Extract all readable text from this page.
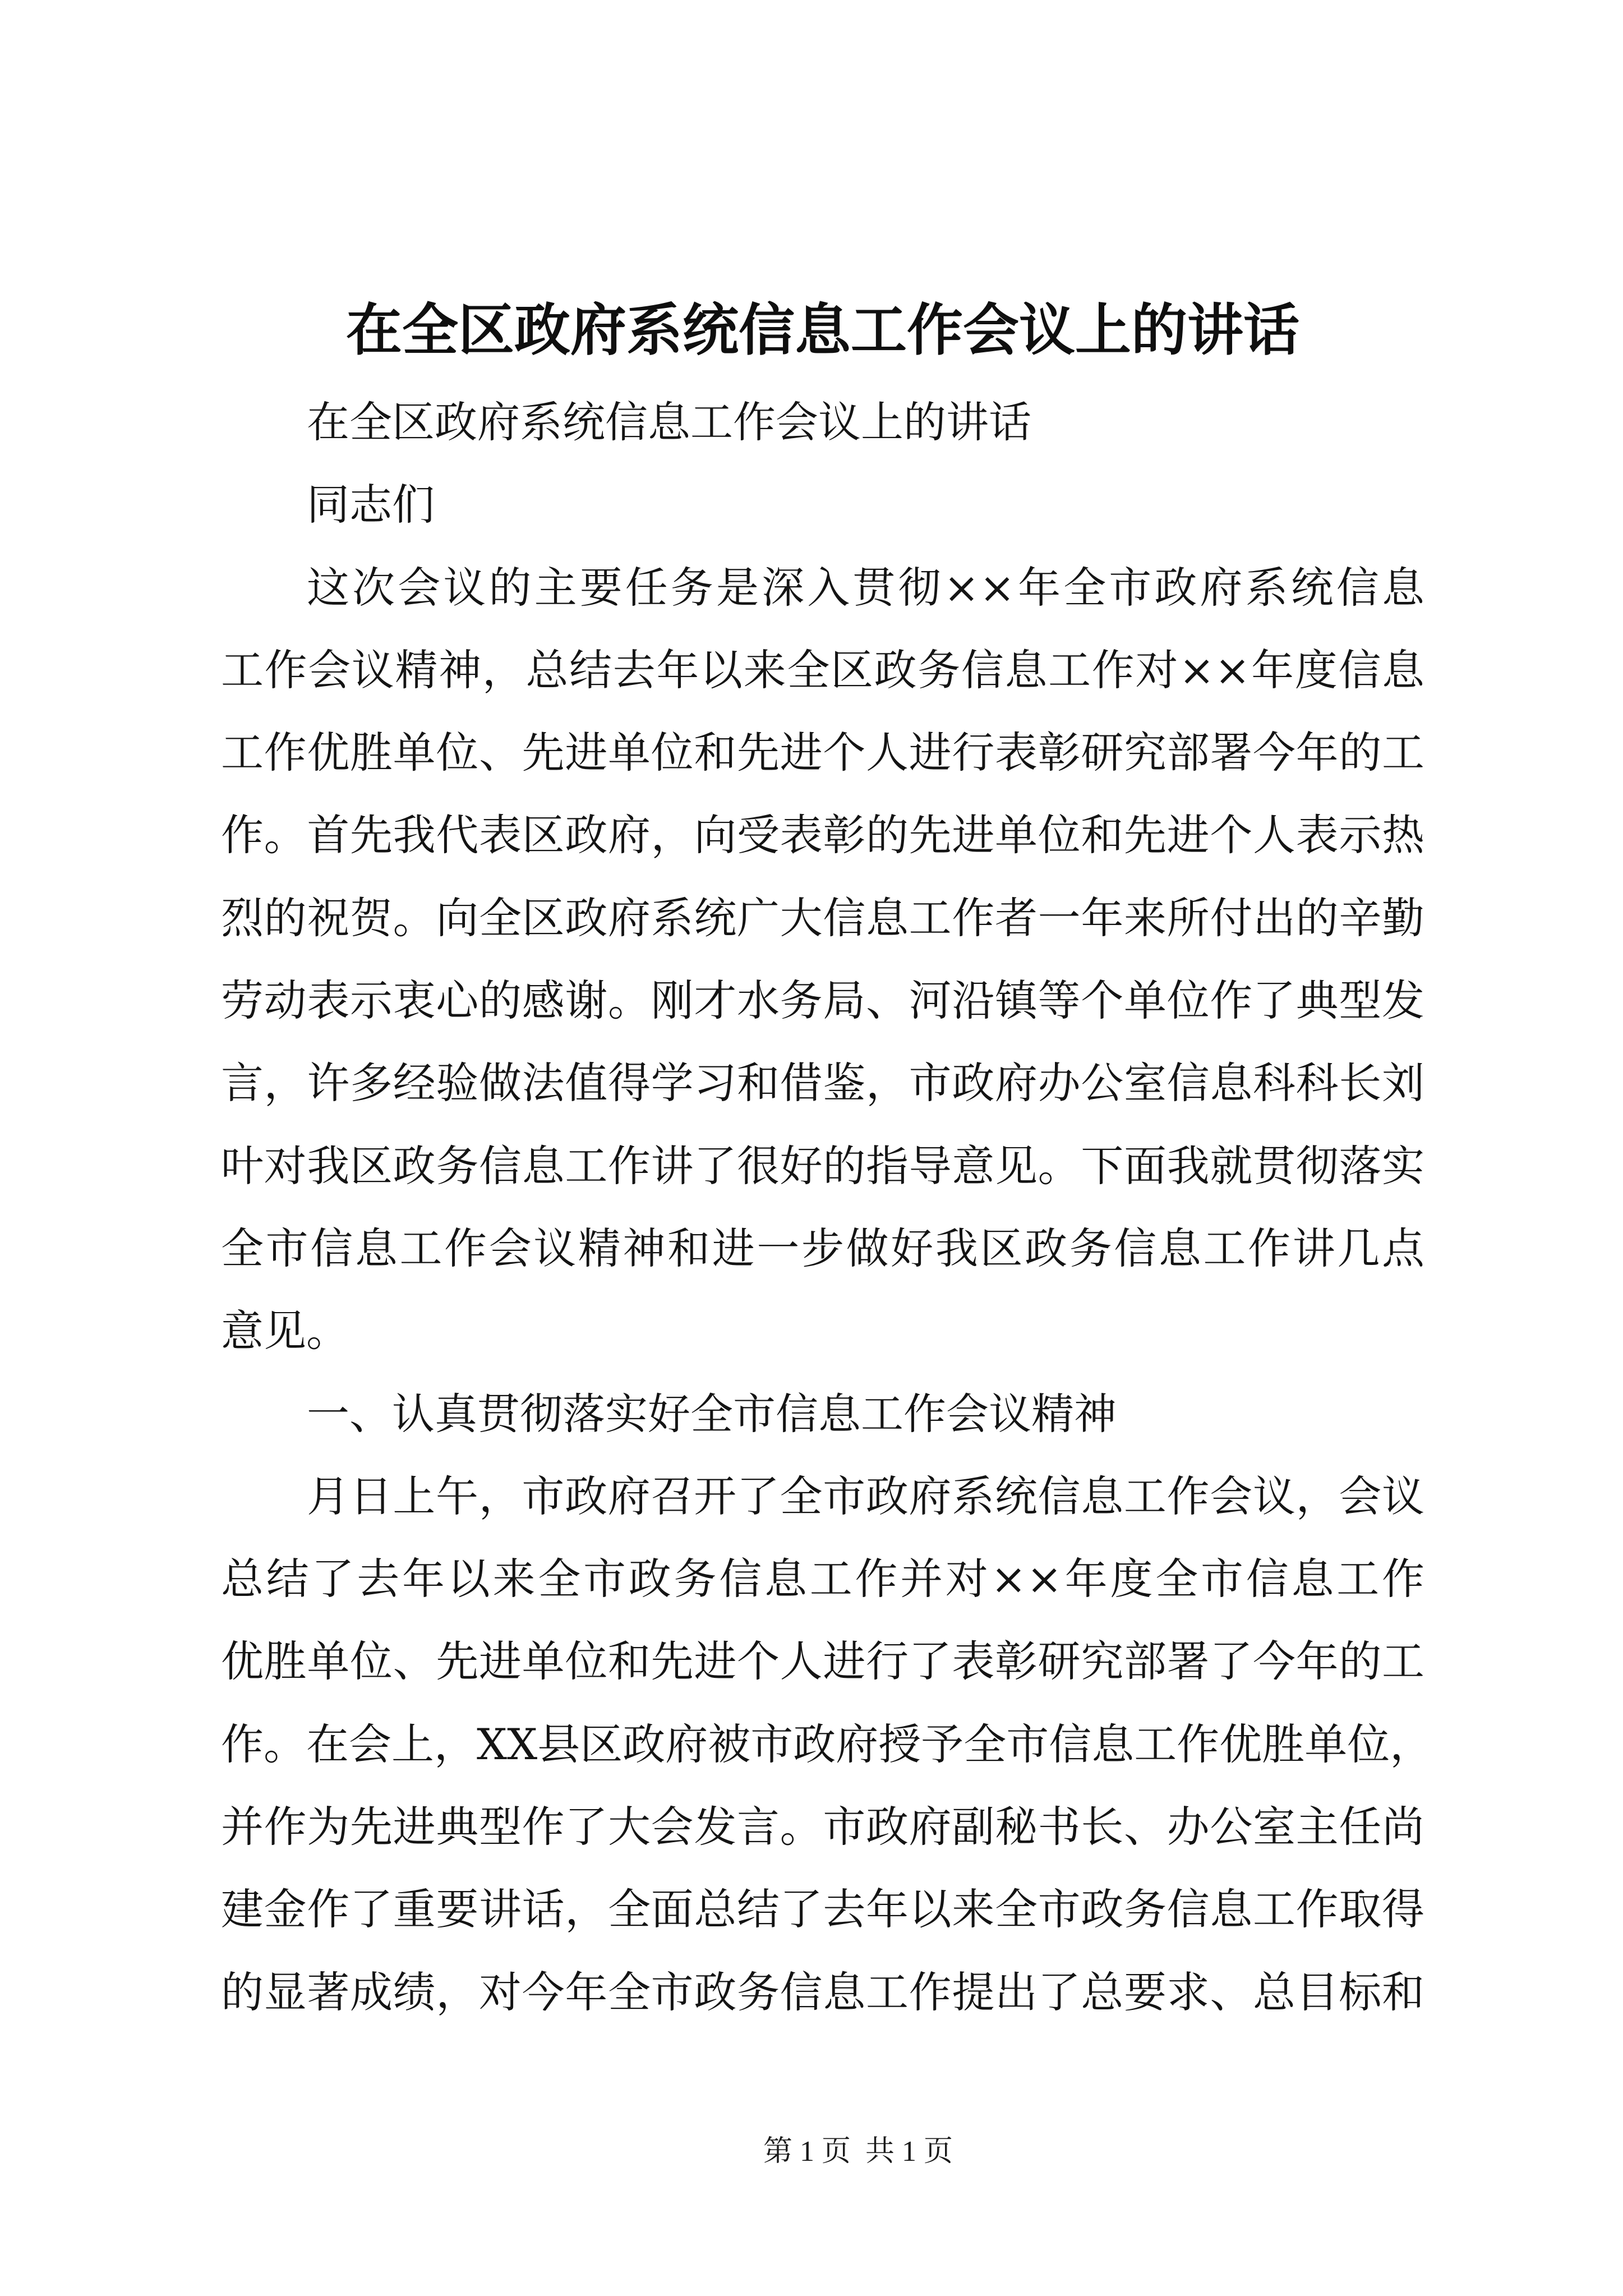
在全区政府系统信息工作会议上的讲话
在全区政府系统信息工作会议上的讲话
同志们
这次会议的主要任务是深入贯彻××年全市政府系统信息
工作会议精神，总结去年以来全区政务信息工作对××年度信息
工作优胜单位、先进单位和先进个人进行表彰研究部署今年的工
作。首先我代表区政府，向受表彰的先进单位和先进个人表示热
烈的祝贺。向全区政府系统广大信息工作者一年来所付出的辛勤
劳动表示衷心的感谢。刚才水务局、河沿镇等个单位作了典型发
言，许多经验做法值得学习和借鉴，市政府办公室信息科科长刘
叶对我区政务信息工作讲了很好的指导意见。下面我就贯彻落实
全市信息工作会议精神和进一步做好我区政务信息工作讲几点
意见。
一、认真贯彻落实好全市信息工作会议精神
月日上午，市政府召开了全市政府系统信息工作会议，会议
总结了去年以来全市政务信息工作并对××年度全市信息工作
优胜单位、先进单位和先进个人进行了表彰研究部署了今年的工
作。在会上，XX县区政府被市政府授予全市信息工作优胜单位，
并作为先进典型作了大会发言。市政府副秘书长、办公室主任尚
建金作了重要讲话，全面总结了去年以来全市政务信息工作取得
的显著成绩，对今年全市政务信息工作提出了总要求、总目标和
第 1 页  共 1 页
